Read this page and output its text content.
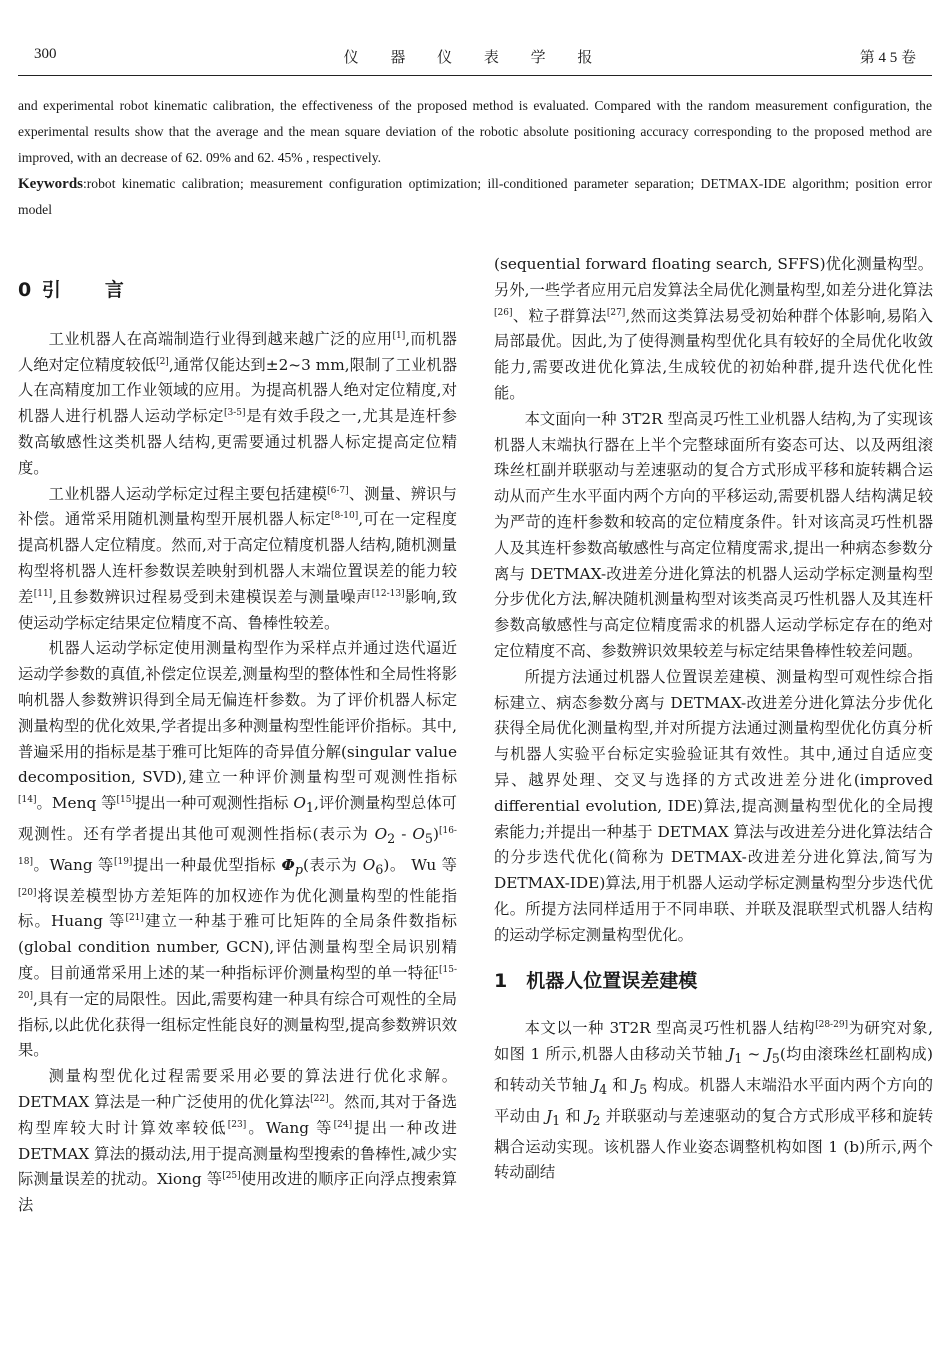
300	仪 器 仪 表 学 报	第 4 5 卷

and experimental robot kinematic calibration, the effectiveness of the proposed method is evaluated. Compared with the random measurement configuration, the experimental results show that the average and the mean square deviation of the robotic absolute positioning accuracy corresponding to the proposed method are improved, with an decrease of 62. 09% and 62. 45% , respectively.

Keywords:robot kinematic calibration; measurement configuration optimization; ill-conditioned parameter separation; DETMAX-IDE algorithm; position error model

0 引　　言

工业机器人在高端制造行业得到越来越广泛的应用[1],而机器人绝对定位精度较低[2],通常仅能达到±2~3 mm,限制了工业机器人在高精度加工作业领域的应用。为提高机器人绝对定位精度,对机器人进行机器人运动学标定[3-5]是有效手段之一,尤其是连杆参数高敏感性这类机器人结构,更需要通过机器人标定提高定位精度。

工业机器人运动学标定过程主要包括建模[6-7]、测量、辨识与补偿。通常采用随机测量构型开展机器人标定[8-10],可在一定程度提高机器人定位精度。然而,对于高定位精度机器人结构,随机测量构型将机器人连杆参数误差映射到机器人末端位置误差的能力较差[11],且参数辨识过程易受到未建模误差与测量噪声[12-13]影响,致使运动学标定结果定位精度不高、鲁棒性较差。

机器人运动学标定使用测量构型作为采样点并通过迭代逼近运动学参数的真值,补偿定位误差,测量构型的整体性和全局性将影响机器人参数辨识得到全局无偏连杆参数。为了评价机器人标定测量构型的优化效果,学者提出多种测量构型性能评价指标。其中,普遍采用的指标是基于雅可比矩阵的奇异值分解(singular value decomposition, SVD),建立一种评价测量构型可观测性指标[14]。Menq 等[15]提出一种可观测性指标 $O_1$,评价测量构型总体可观测性。还有学者提出其他可观测性指标(表示为 $O_2 - O_5)[16-18]$。Wang 等[19]提出一种最优型指标 $\Phi_p$(表示为 $O_6$)。 Wu 等[20]将误差模型协方差矩阵的加权迹作为优化测量构型的性能指标。Huang 等[21]建立一种基于雅可比矩阵的全局条件数指标(global condition number, GCN),评估测量构型全局识别精度。目前通常采用上述的某一种指标评价测量构型的单一特征[15-20],具有一定的局限性。因此,需要构建一种具有综合可观性的全局指标,以此优化获得一组标定性能良好的测量构型,提高参数辨识效果。

测量构型优化过程需要采用必要的算法进行优化求解。DETMAX 算法是一种广泛使用的优化算法[22]。然而,其对于备选构型库较大时计算效率较低[23]。Wang 等[24]提出一种改进 DETMAX 算法的摄动法,用于提高测量构型搜索的鲁棒性,减少实际测量误差的扰动。Xiong 等[25]使用改进的顺序正向浮点搜索算法

(sequential forward floating search, SFFS)优化测量构型。另外,一些学者应用元启发算法全局优化测量构型,如差分进化算法[26]、粒子群算法[27],然而这类算法易受初始种群个体影响,易陷入局部最优。因此,为了使得测量构型优化具有较好的全局优化收敛能力,需要改进优化算法,生成较优的初始种群,提升迭代优化性能。

本文面向一种 3T2R 型高灵巧性工业机器人结构,为了实现该机器人末端执行器在上半个完整球面所有姿态可达、以及两组滚珠丝杠副并联驱动与差速驱动的复合方式形成平移和旋转耦合运动从而产生水平面内两个方向的平移运动,需要机器人结构满足较为严苛的连杆参数和较高的定位精度条件。针对该高灵巧性机器人及其连杆参数高敏感性与高定位精度需求,提出一种病态参数分离与 DETMAX-改进差分进化算法的机器人运动学标定测量构型分步优化方法,解决随机测量构型对该类高灵巧性机器人及其连杆参数高敏感性与高定位精度需求的机器人运动学标定存在的绝对定位精度不高、参数辨识效果较差与标定结果鲁棒性较差问题。

所提方法通过机器人位置误差建模、测量构型可观性综合指标建立、病态参数分离与 DETMAX-改进差分进化算法分步优化获得全局优化测量构型,并对所提方法通过测量构型优化仿真分析与机器人实验平台标定实验验证其有效性。其中,通过自适应变异、越界处理、交叉与选择的方式改进差分进化(improved differential evolution, IDE)算法,提高测量构型优化的全局搜索能力;并提出一种基于 DETMAX 算法与改进差分进化算法结合的分步迭代优化(简称为 DETMAX-改进差分进化算法,简写为 DETMAX-IDE)算法,用于机器人运动学标定测量构型分步迭代优化。所提方法同样适用于不同串联、并联及混联型式机器人结构的运动学标定测量构型优化。

1　机器人位置误差建模

本文以一种 3T2R 型高灵巧性机器人结构[28-29]为研究对象,如图 1 所示,机器人由移动关节轴 $J_1$ ~ $J_5$(均由滚珠丝杠副构成)和转动关节轴 $J_4$ 和 $J_5$ 构成。机器人末端沿水平面内两个方向的平动由 $J_1$ 和 $J_2$ 并联驱动与差速驱动的复合方式形成平移和旋转耦合运动实现。该机器人作业姿态调整机构如图 1 (b)所示,两个转动副结
